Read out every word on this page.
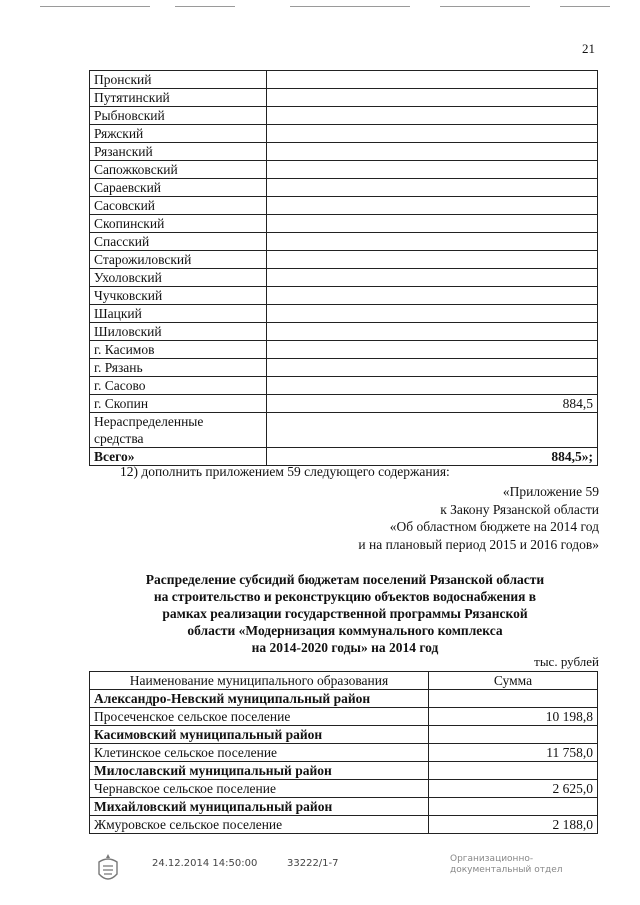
21
Пронский	
Путятинский	
Рыбновский	
Ряжский	
Рязанский	
Сапожковский	
Сараевский	
Сасовский	
Скопинский	
Спасский	
Старожиловский	
Ухоловский	
Чучковский	
Шацкий	
Шиловский	
г. Касимов	
г. Рязань	
г. Сасово	
г. Скопин	884,5

Нераспределенные
средства	

Всего»	884,5»;
12) дополнить приложением 59 следующего содержания:
«Приложение 59
к Закону Рязанской области
«Об областном бюджете на 2014 год
и на плановый период 2015 и 2016 годов»
Распределение субсидий бюджетам поселений Рязанской области
на строительство и реконструкцию объектов водоснабжения в
рамках реализации государственной программы Рязанской
области «Модернизация коммунального комплекса
на 2014-2020 годы» на 2014 год
тыс. рублей
Наименование муниципального образования	Сумма
Александро-Невский муниципальный район	
Просеченское сельское поселение	10 198,8
Касимовский муниципальный район	
Клетинское сельское поселение	11 758,0
Милославский муниципальный район	
Чернавское сельское поселение	2 625,0
Михайловский муниципальный район	
Жмуровское сельское поселение	2 188,0
24.12.2014 14:50:00	33222/1-7	Организационно-
документальный отдел
